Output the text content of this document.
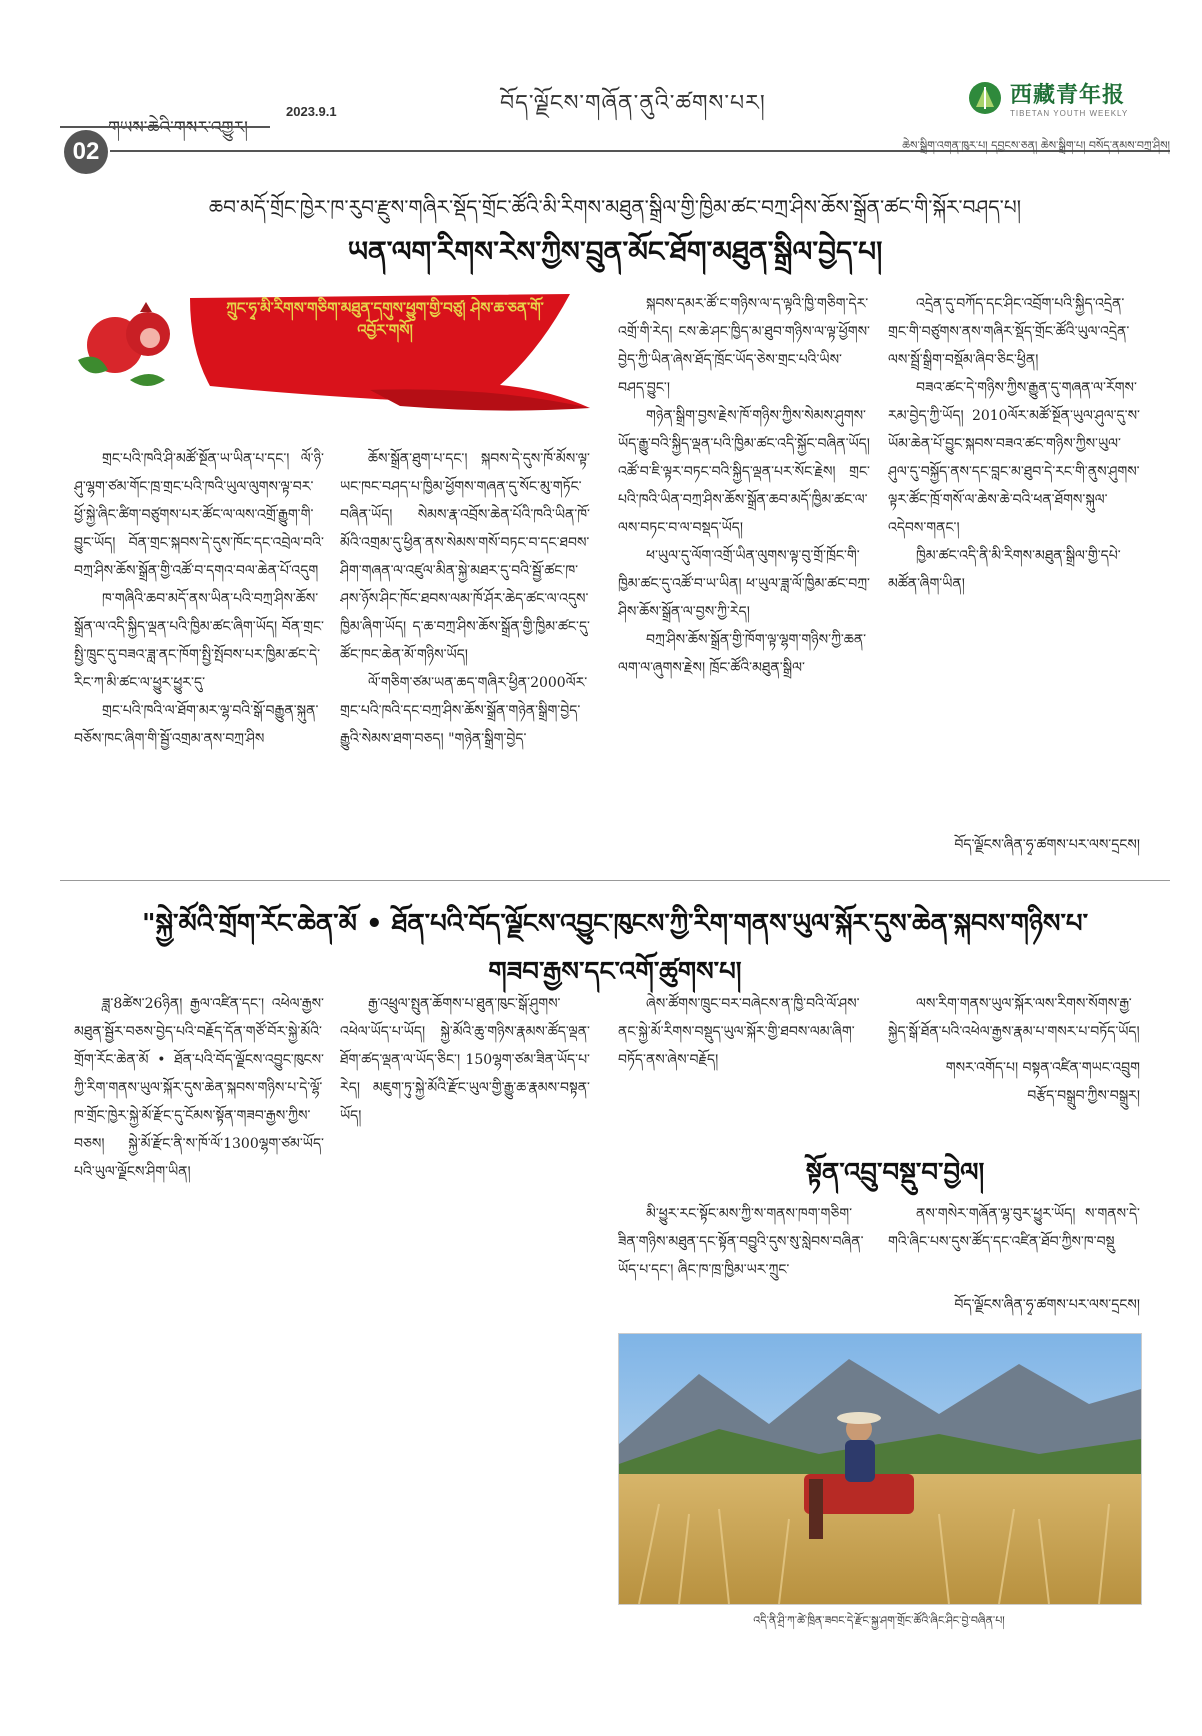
གཡས་ཆེའི་གསར་འགྱུར།
2023.9.1	བོད་ལྗོངས་གཞོན་ནུའི་ཚགས་པར།	西藏青年报
TIBETAN YOUTH WEEKLY
02	ཆེས་སྒྲིག་འགན་ཁུར་པ། དབྱངས་ཅན། ཆེས་སྒྲིག་པ། བསོད་ནམས་བཀྲ་ཤིས།
ཆབ་མདོ་གྲོང་ཁྱེར་ཁ་རུབ་རྫུས་གཞིར་སྡོད་གྲོང་ཚོའི་མི་རིགས་མཐུན་སྒྲིལ་གྱི་ཁྱིམ་ཚང་བཀྲ་ཤིས་ཆོས་སྒྲོན་ཚང་གི་སྐོར་བཤད་པ།
ཡན་ལག་རིགས་རེས་ཀྱིས་བྲུན་མོང་ཐོག་མཐུན་སྒྲིལ་བྱེད་པ།
ཀྲུང་ཧྭ་མི་རིགས་གཅིག་མཐུན་དགུས་ཕྱུག་གྱི་བཙུ། ཤེས་ཆ་ཅན་གོ་འབྱོར་གསོ།

གྲང་པའི་ཁའི་ཤི་མཚོ་སྔོན་ཡ་ཡིན་པ་དང་། ལོ་ཉི་ཤུ་ལྷག་ཙམ་གོང་ཁྲ་གྲང་པའི་ཁའི་ཡུལ་ལུགས་ལྟ་བར་ཕྱོ་སྐྱེ་ཞིང་ཚིག་བཙུགས་པར་ཚོང་ལ་ལས་འགྲོ་རྒྱུག་གི་བྱུང་ཡོད། བོན་གྲང་སྐབས་དེ་དུས་ཁོང་དང་འབྲེལ་བའི་བཀྲ་ཤིས་ཆོས་སྒྲོན་གྱི་འཚོ་བ་དགའ་བལ་ཆེན་པོ་འདུག

ཁ་གཞིའི་ཆབ་མདོ་ནས་ཡིན་པའི་བཀྲ་ཤིས་ཆོས་སྒྲོན་ལ་འདི་སྐྱིད་ལྡན་པའི་ཁྱིམ་ཚང་ཞིག་ཡོད། བོན་གྲང་སྤྱི་ཁྲུང་དུ་བཟའ་ཟླ་ནང་ཁོག་སྤྱི་སྤོབས་པར་ཁྱིམ་ཚང་དེ་རིང་ཀ་མི་ཚང་ལ་ཕྱུར་ཕྱུར་དུ་

གྲང་པའི་ཁའི་ལ་ཐོག་མར་ལྷ་བའི་སྒོ་བརྒྱུན་སྐུན་བཅོས་ཁང་ཞིག་གི་སྦྱོ་འགྲམ་ནས་བཀྲ་ཤིས

ཆོས་སྒྲོན་ཐུག་པ་དང་། སྐབས་དེ་དུས་ཁོ་མོས་ལྟ་ཡང་ཁང་བཤད་པ་ཁྱིམ་ཕྱོགས་གཞན་དུ་སོང་མུ་གཏོང་བཞིན་ཡོད། སེམས་རྣ་འབྲོས་ཆེན་པོའི་ཁའི་ཡིན་ཁོ་མོའི་འགྲམ་དུ་ཕྱིན་ནས་སེམས་གསོ་བཏང་བ་དང་ཐབས་ཤིག་གཞན་ལ་འཛུལ་མིན་སྐྱེ་མཐར་དུ་བའི་སྦྱོ་ཚང་ཁ་ཤས་ཉོས་ཤིང་ཁོང་ཐབས་ལམ་ཁོ་ཤོར་ཆེད་ཚང་ལ་འདུས་ཁྱིམ་ཞིག་ཡོད། ད་ཆ་བཀྲ་ཤིས་ཆོས་སྒྲོན་གྱི་ཁྱིམ་ཚང་དུ་ཚོང་ཁང་ཆེན་མོ་གཉིས་ཡོད།

ལོ་གཅིག་ཙམ་ཡན་ཆད་གཞིར་ཕྱིན་2000ལོར་གྲང་པའི་ཁའི་དང་བཀྲ་ཤིས་ཆོས་སྒྲོན་གཉེན་སྒྲིག་བྱེད་རྒྱུའི་སེམས་ཐག་བཅད། "གཉེན་སྒྲིག་བྱེད་

སྐབས་དམར་ཚོ་ང་གཉིས་ལ་ད་ལྟའི་ཁྱི་གཅིག་དེར་འགྲོ་གི་རེད། ངས་ཆེ་ཤང་ཁྱིད་མ་ཐུབ་གཉིས་ལ་ལྟ་ཕྱོགས་བྱེད་ཀྱི་ཡིན་ཞེས་ཐོད་ཁྲོང་ཡོད་ཅེས་གྲང་པའི་ཡིས་བཤད་བྱུང་།

གཉེན་སྒྲིག་བྱས་རྗེས་ཁོ་གཉིས་ཀྱིས་སེམས་ཤུགས་ཡོད་རྒྱུ་བའི་སྐྱིད་ལྡན་པའི་ཁྱིམ་ཚང་འདི་སྐྱོང་བཞིན་ཡོད། འཚོ་བ་ཇི་ལྟར་བཏང་བའི་སྐྱིད་ལྡན་པར་སོང་རྗེས། གྲང་པའི་ཁའི་ཡིན་བཀྲ་ཤིས་ཆོས་སྒྲོན་ཆབ་མདོ་ཁྱིམ་ཚང་ལ་ལས་བཏང་བ་ལ་བསྡད་ཡོད།

ཕ་ཡུལ་དུ་ལོག་འགྲོ་ཡིན་ལུགས་ལྟ་བུ་གྲོ་ཁྲོང་གི་ཁྱིམ་ཚང་དུ་འཚོ་བ་ཡ་ཡིན། ཕ་ཡུལ་ཟླ་ལོ་ཁྱིམ་ཚང་བཀྲ་ཤིས་ཆོས་སྒྲོན་ལ་བྱས་ཀྱི་རེད།

བཀྲ་ཤིས་ཆོས་སྒྲོན་གྱི་ཁོག་ལྟ་ལྷག་གཉིས་ཀྱི་ཆན་ལག་ལ་ཞུགས་རྗེས། ཁྲོང་ཚོའི་མཐུན་སྒྲིལ་

འདྲེན་དུ་བཀོད་དང་ཤིང་འབྲོག་པའི་སྐྱིད་འདྲེན་གྲང་གི་བཙུགས་ནས་གཞིར་སྡོད་གྲོང་ཚོའི་ཡུལ་འདྲེན་ལས་སྦྲོ་སྒྲིག་བསྡོམ་ཞིབ་ཅིང་ཕྱིན།

བཟའ་ཚང་དེ་གཉིས་ཀྱིས་རྒྱུན་དུ་གཞན་ལ་རོགས་རམ་བྱེད་ཀྱི་ཡོད། 2010ལོར་མཚོ་སྔོན་ཡུལ་ཤུལ་དུ་ས་ཡོམ་ཆེན་པོ་བྱུང་སྐབས་བཟའ་ཚང་གཉིས་ཀྱིས་ཡུལ་ཤུལ་དུ་བསྐྱོད་ནས་དང་བླང་མ་ཐུབ་དེ་རང་གི་ནུས་ཤུགས་ལྟར་ཚོང་ཁྲོ་གསོ་ལ་ཆེས་ཆེ་བའི་ཕན་ཐོགས་སྐུལ་འདེབས་གནང་།

ཁྱིམ་ཚང་འདི་ནི་མི་རིགས་མཐུན་སྒྲིལ་གྱི་དཔེ་མཚོན་ཞིག་ཡིན།

བོད་ལྗོངས་ཞིན་ཧྭ་ཚགས་པར་ལས་དྲངས།
"སྐྱེ་མོའི་གྲོག་རོང་ཆེན་མོ • ཐོན་པའི་བོད་ལྗོངས་འབྱུང་ཁུངས་ཀྱི་རིག་གནས་ཡུལ་སྐོར་དུས་ཆེན་སྐབས་གཉིས་པ་
གཟབ་རྒྱས་དང་འགོ་ཚུགས་པ།

ཟླ་8ཚེས་26ཉིན། རྒྱལ་འཛིན་དང་། འཕེལ་རྒྱས་མཐུན་སྦྱོར་བཅས་བྱེད་པའི་བརྗོད་དོན་གཙོ་བོར་སྐྱེ་མོའི་གྲོག་རོང་ཆེན་མོ • ཐོན་པའི་བོད་ལྗོངས་འབྱུང་ཁུངས་ཀྱི་རིག་གནས་ཡུལ་སྐོར་དུས་ཆེན་སྐབས་གཉིས་པ་དེ་ལྷོ་ཁ་གྲོང་ཁྱེར་སྐྱེ་མོ་རྫོང་དུ་ངོམས་སྟོན་གཟབ་རྒྱས་ཀྱིས་བཅས། སྐྱེ་མོ་རྫོང་ནི་ས་ཁོ་ལོ་1300ལྷག་ཙམ་ཡོད་པའི་ཡུལ་ལྗོངས་ཤིག་ཡིན།

རྒྱ་འཕྲུལ་སྤུན་ཆོགས་པ་ཐུན་ཁུང་སྒོ་ཤུགས་འཕེལ་ཡོད་པ་ཡོད། སྐྱེ་མོའི་ཆུ་གཉིས་རྣམས་ཚོད་ལྡན་ཐོག་ཚད་ལྡན་ལ་ཡོད་ཅིང་། 150ལྷག་ཙམ་ཟིན་ཡོད་པ་རེད། མཇུག་ཏུ་སྐྱེ་མོའི་རྫོང་ཡུལ་གྱི་རྒྱུ་ཆ་རྣམས་བསྟན་ཡོད།

ཞེས་ཚོགས་ཁྲུང་བར་བཞེངས་ན་ཁྱི་བའི་ལོ་ཤས་ནང་སྐྱེ་མོ་རིགས་བསྡུད་ཡུལ་སྐོར་གྱི་ཐབས་ལམ་ཞིག་བཏོད་ནས་ཞེས་བརྗོད།

ལས་རིག་གནས་ཡུལ་སྐོར་ལས་རིགས་སོགས་རྒྱ་སྐྱེད་སྒོ་ཐོན་པའི་འཕེལ་རྒྱས་རྣམ་པ་གསར་པ་བཏོད་ཡོད།

གསར་འགོད་པ། བསྟན་འཛིན་གཡང་འབྲུག
བརྩོད་བསྒྲུབ་ཀྱིས་བསྒྲུར།
སྟོན་འབྲུ་བསྡུ་བ་བྱེལ།

མི་ཕྱུར་རང་སྟོང་མས་ཀྱི་ས་གནས་ཁག་གཅིག་ཟིན་གཉིས་མཐུན་དང་སྟོན་བབྱུའི་དུས་སུ་སླེབས་བཞིན་ཡོད་པ་དང་། ཞིང་ཁ་ཁྲ་ཁྱིམ་ཡར་ཀྲུང་

ནས་གསེར་གཞོན་ལྷ་བུར་ཕྱུར་ཡོད། ས་གནས་དེ་གའི་ཞིང་པས་དུས་ཚོད་དང་འཛིན་ཐོབ་ཀྱིས་ཁ་བསྡུ

བོད་ལྗོངས་ཞིན་ཧྭ་ཚགས་པར་ལས་དྲངས།
འདི་ནི་ཤྲི་ཀ་ཚེ་ཁྲིན་ཟབང་དེ་རྫོང་སྐྱ་ཤག་གྲོང་ཚོའི་ཞིང་ཤིང་བྱེ་བཞིན་པ།
